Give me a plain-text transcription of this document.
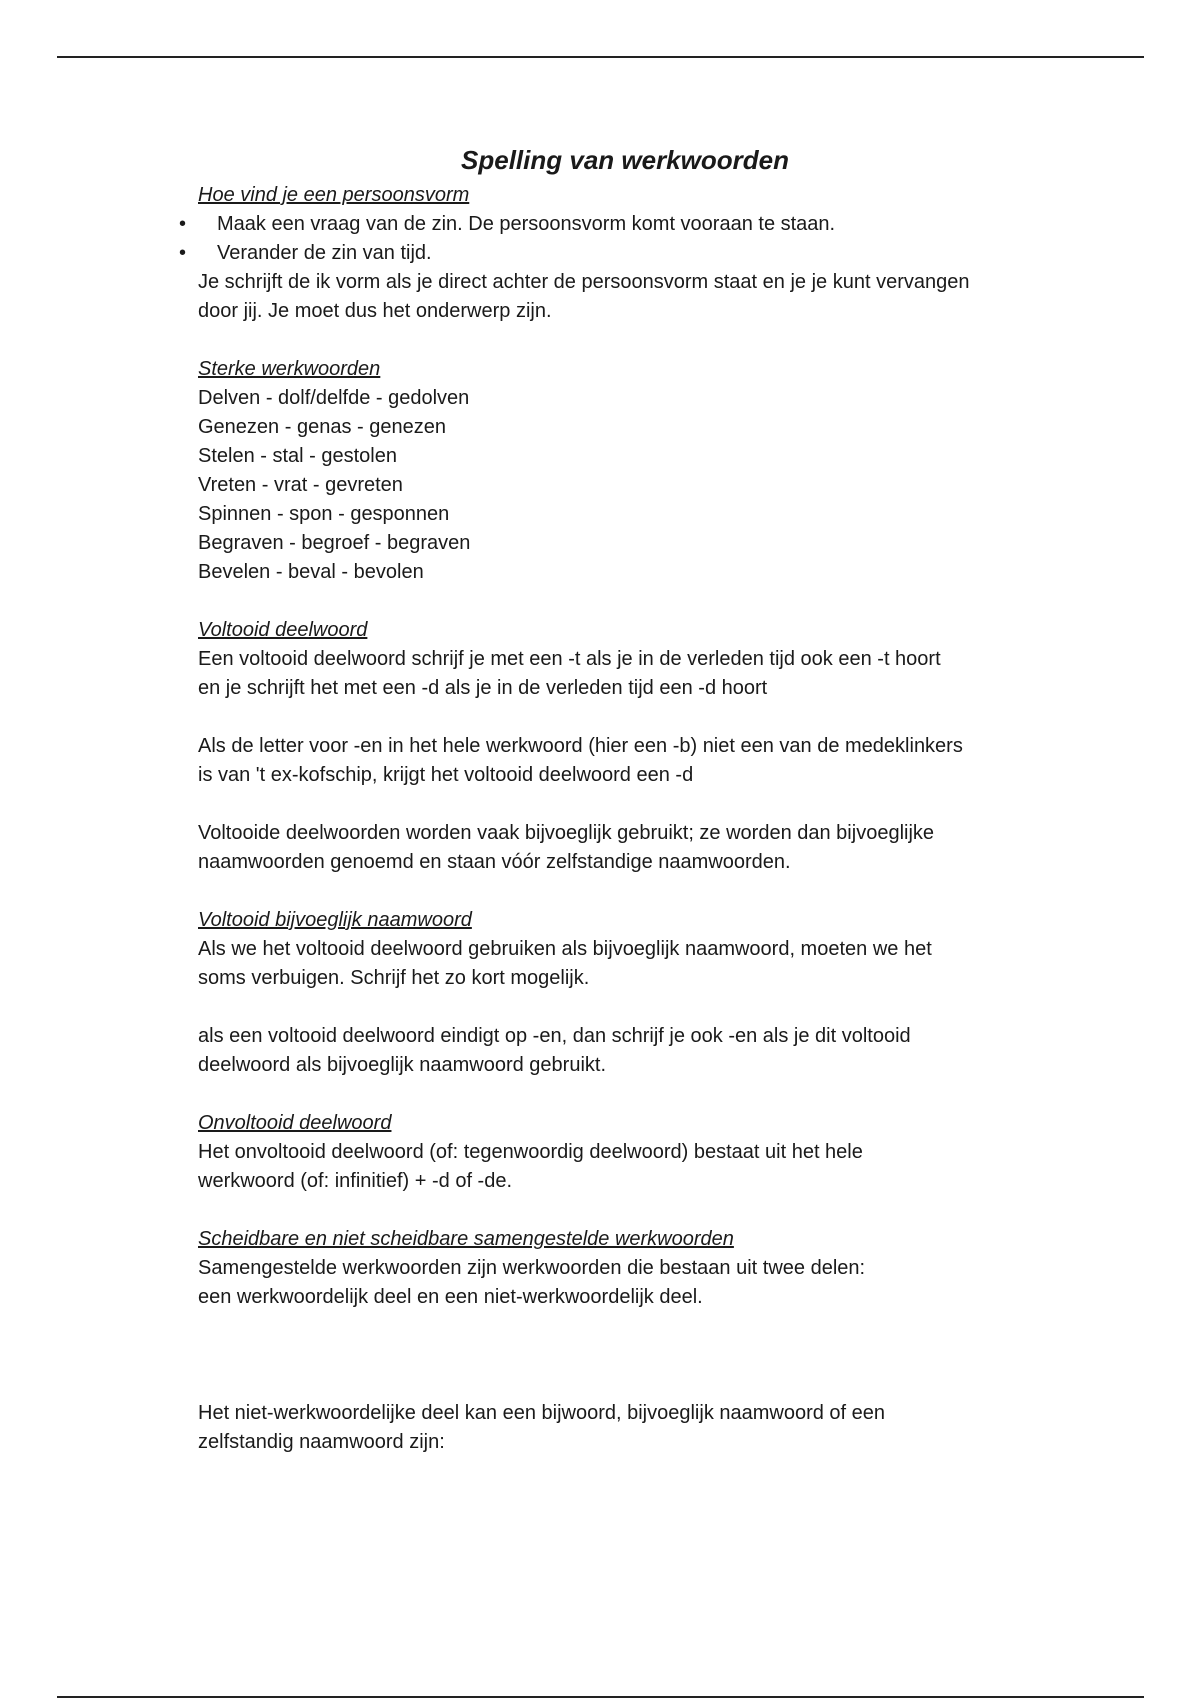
Spelling van werkwoorden

Hoe vind je een persoonsvorm

• Maak een vraag van de zin. De persoonsvorm komt vooraan te staan.
• Verander de zin van tijd.

Je schrijft de ik vorm als je direct achter de persoonsvorm staat en je je kunt vervangen
door jij. Je moet dus het onderwerp zijn.

Sterke werkwoorden

Delven - dolf/delfde - gedolven
Genezen - genas - genezen
Stelen - stal - gestolen
Vreten - vrat - gevreten
Spinnen - spon - gesponnen
Begraven - begroef - begraven
Bevelen - beval - bevolen

Voltooid deelwoord

Een voltooid deelwoord schrijf je met een -t als je in de verleden tijd ook een -t hoort
en je schrijft het met een -d als je in de verleden tijd een -d hoort

Als de letter voor -en in het hele werkwoord (hier een -b) niet een van de medeklinkers
is van 't ex-kofschip, krijgt het voltooid deelwoord een -d

Voltooide deelwoorden worden vaak bijvoeglijk gebruikt; ze worden dan bijvoeglijke
naamwoorden genoemd en staan vóór zelfstandige naamwoorden.

Voltooid bijvoeglijk naamwoord

Als we het voltooid deelwoord gebruiken als bijvoeglijk naamwoord, moeten we het
soms verbuigen. Schrijf het zo kort mogelijk.

als een voltooid deelwoord eindigt op -en, dan schrijf je ook -en als je dit voltooid
deelwoord als bijvoeglijk naamwoord gebruikt.

Onvoltooid deelwoord

Het onvoltooid deelwoord (of: tegenwoordig deelwoord) bestaat uit het hele
werkwoord (of: infinitief) + -d of -de.

Scheidbare en niet scheidbare samengestelde werkwoorden

Samengestelde werkwoorden zijn werkwoorden die bestaan uit twee delen:
een werkwoordelijk deel en een niet-werkwoordelijk deel.

Het niet-werkwoordelijke deel kan een bijwoord, bijvoeglijk naamwoord of een
zelfstandig naamwoord zijn:
